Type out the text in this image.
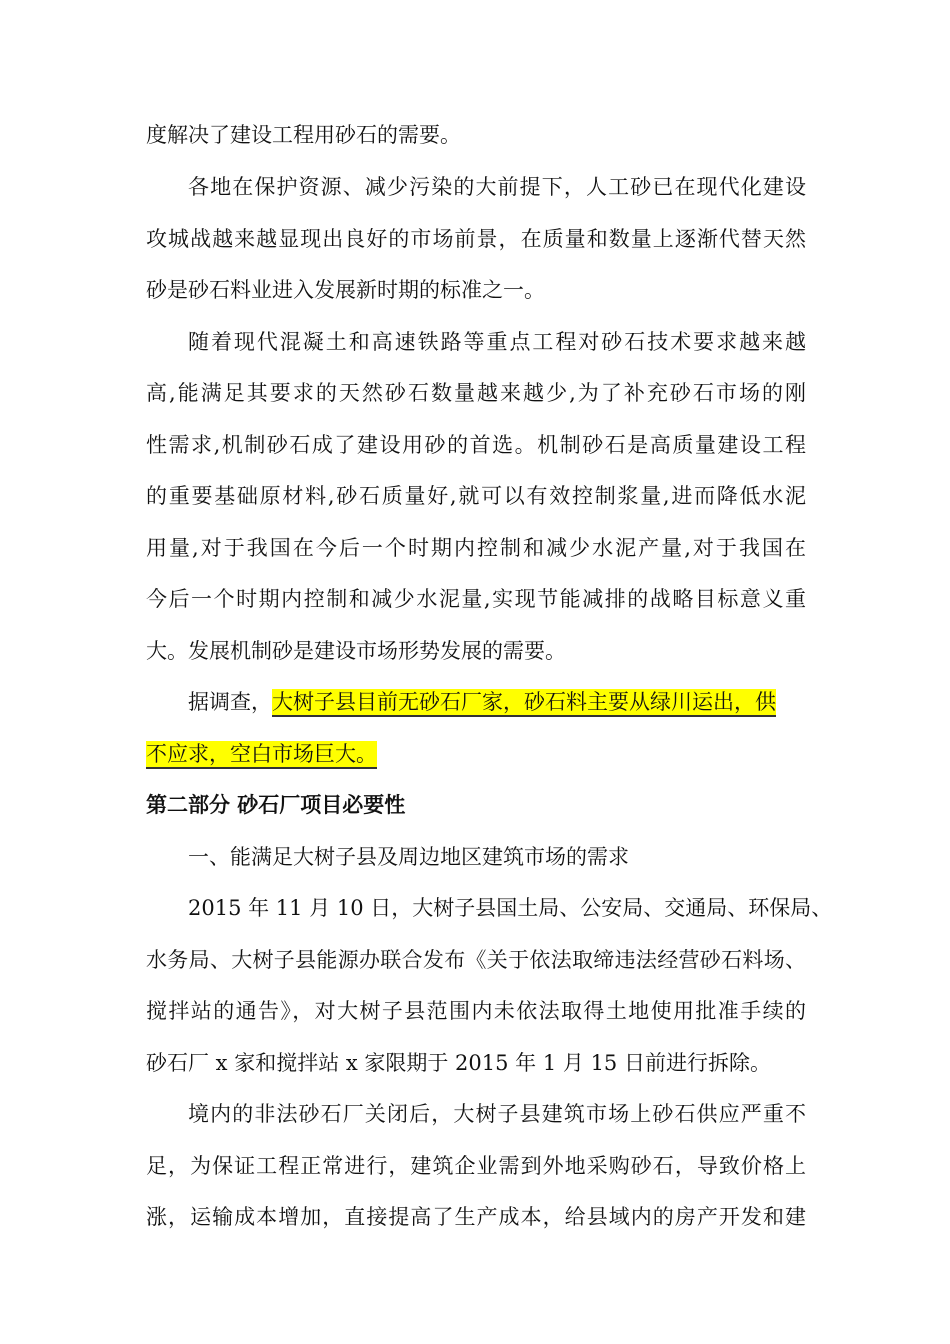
度解决了建设工程用砂石的需要。
各地在保护资源、减少污染的大前提下，人工砂已在现代化建设
攻城战越来越显现出良好的市场前景，在质量和数量上逐渐代替天然
砂是砂石料业进入发展新时期的标准之一。
随着现代混凝土和高速铁路等重点工程对砂石技术要求越来越
高,能满足其要求的天然砂石数量越来越少,为了补充砂石市场的刚
性需求,机制砂石成了建设用砂的首选。机制砂石是高质量建设工程
的重要基础原材料,砂石质量好,就可以有效控制浆量,进而降低水泥
用量,对于我国在今后一个时期内控制和减少水泥产量,对于我国在
今后一个时期内控制和减少水泥量,实现节能减排的战略目标意义重
大。发展机制砂是建设市场形势发展的需要。
据调查，大树子县目前无砂石厂家，砂石料主要从绿川运出，供
不应求，空白市场巨大。
第二部分 砂石厂项目必要性
一、能满足大树子县及周边地区建筑市场的需求
2015 年 11 月 10 日，大树子县国土局、公安局、交通局、环保局、
水务局、大树子县能源办联合发布《关于依法取缔违法经营砂石料场、
搅拌站的通告》，对大树子县范围内未依法取得土地使用批准手续的
砂石厂 x 家和搅拌站 x 家限期于 2015 年 1 月 15 日前进行拆除。
境内的非法砂石厂关闭后，大树子县建筑市场上砂石供应严重不
足，为保证工程正常进行，建筑企业需到外地采购砂石，导致价格上
涨，运输成本增加，直接提高了生产成本，给县域内的房产开发和建
